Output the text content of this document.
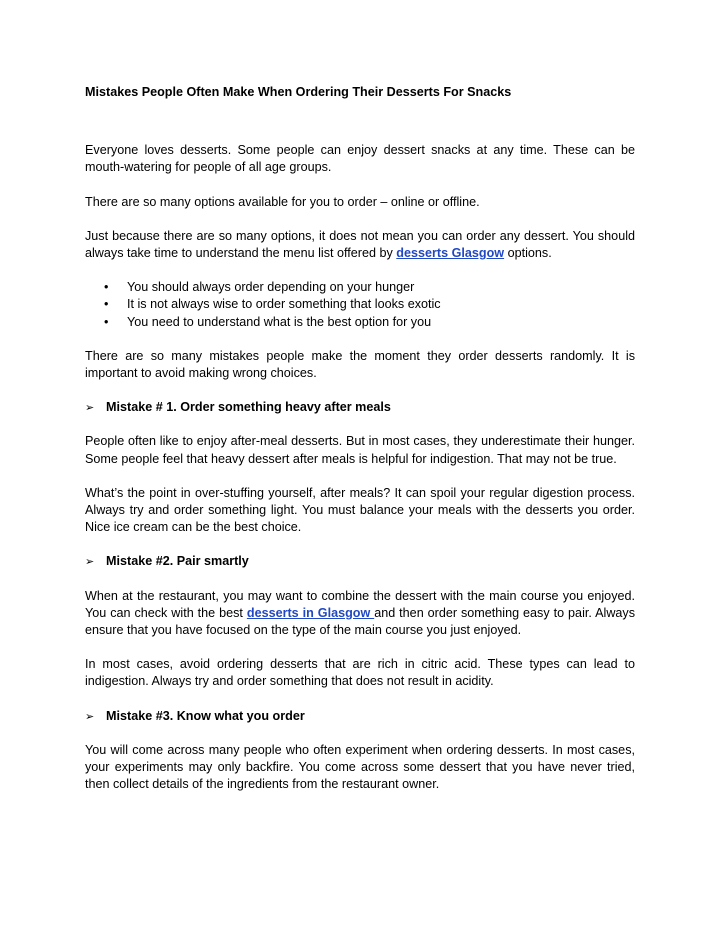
Mistakes People Often Make When Ordering Their Desserts For Snacks

Everyone loves desserts. Some people can enjoy dessert snacks at any time. These can be mouth-watering for people of all age groups.

There are so many options available for you to order – online or offline.

Just because there are so many options, it does not mean you can order any dessert. You should always take time to understand the menu list offered by desserts Glasgow options.

• You should always order depending on your hunger
• It is not always wise to order something that looks exotic
• You need to understand what is the best option for you

There are so many mistakes people make the moment they order desserts randomly. It is important to avoid making wrong choices.

➢ Mistake # 1. Order something heavy after meals

People often like to enjoy after-meal desserts. But in most cases, they underestimate their hunger. Some people feel that heavy dessert after meals is helpful for indigestion. That may not be true.

What’s the point in over-stuffing yourself, after meals? It can spoil your regular digestion process. Always try and order something light. You must balance your meals with the desserts you order. Nice ice cream can be the best choice.

➢ Mistake #2. Pair smartly

When at the restaurant, you may want to combine the dessert with the main course you enjoyed. You can check with the best desserts in Glasgow and then order something easy to pair. Always ensure that you have focused on the type of the main course you just enjoyed.

In most cases, avoid ordering desserts that are rich in citric acid. These types can lead to indigestion. Always try and order something that does not result in acidity.

➢ Mistake #3. Know what you order

You will come across many people who often experiment when ordering desserts. In most cases, your experiments may only backfire. You come across some dessert that you have never tried, then collect details of the ingredients from the restaurant owner.
